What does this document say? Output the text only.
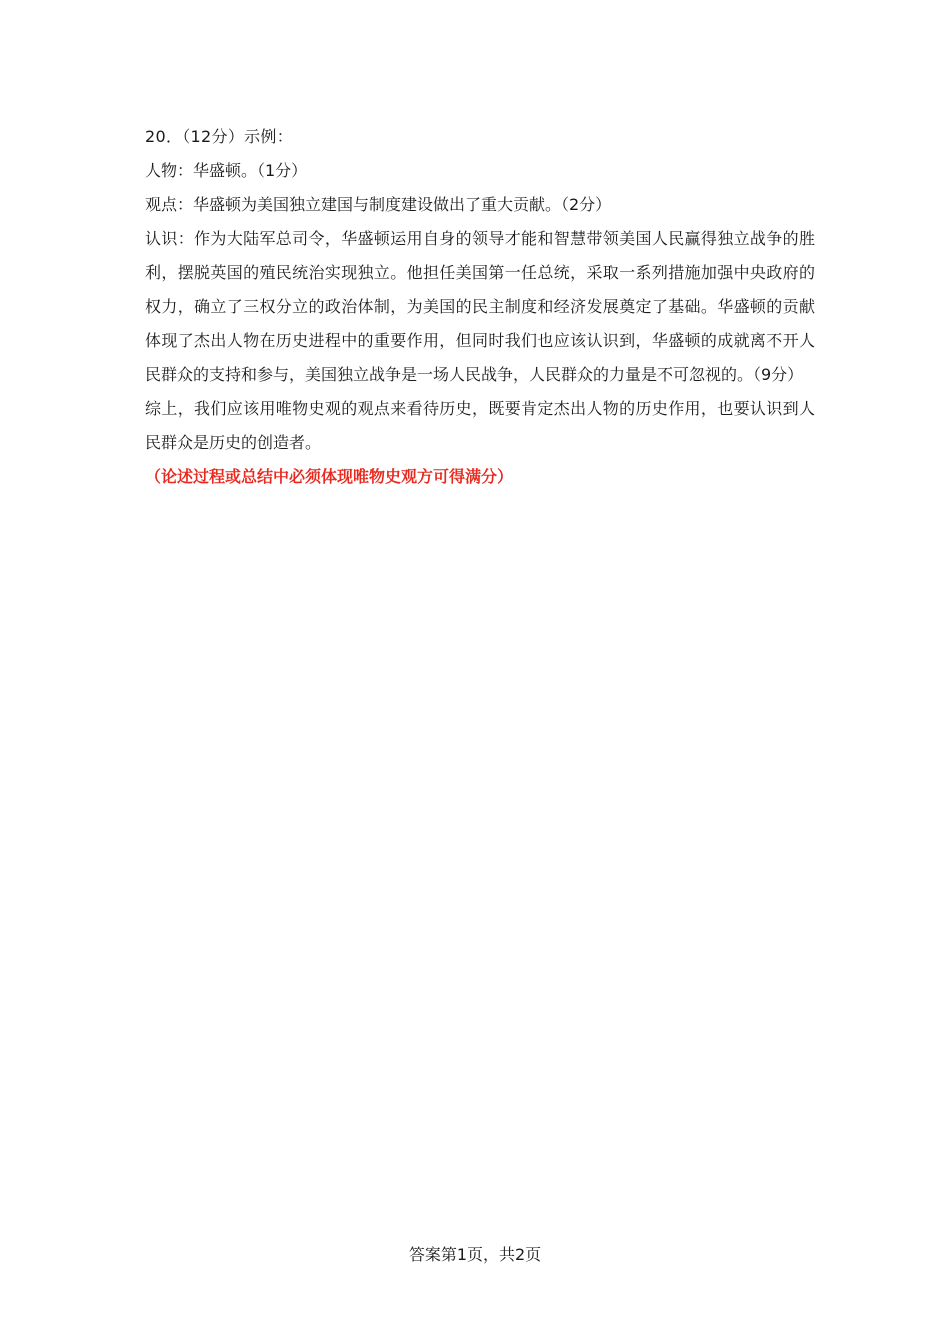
20．（12分）示例：

人物：华盛顿。（1分）

观点：华盛顿为美国独立建国与制度建设做出了重大贡献。（2分）

认识：作为大陆军总司令，华盛顿运用自身的领导才能和智慧带领美国人民赢得独立战争的胜利，摆脱英国的殖民统治实现独立。他担任美国第一任总统，采取一系列措施加强中央政府的权力，确立了三权分立的政治体制，为美国的民主制度和经济发展奠定了基础。华盛顿的贡献体现了杰出人物在历史进程中的重要作用，但同时我们也应该认识到，华盛顿的成就离不开人民群众的支持和参与，美国独立战争是一场人民战争，人民群众的力量是不可忽视的。（9分）

综上，我们应该用唯物史观的观点来看待历史，既要肯定杰出人物的历史作用，也要认识到人民群众是历史的创造者。

（论述过程或总结中必须体现唯物史观方可得满分）

答案第1页，共2页
